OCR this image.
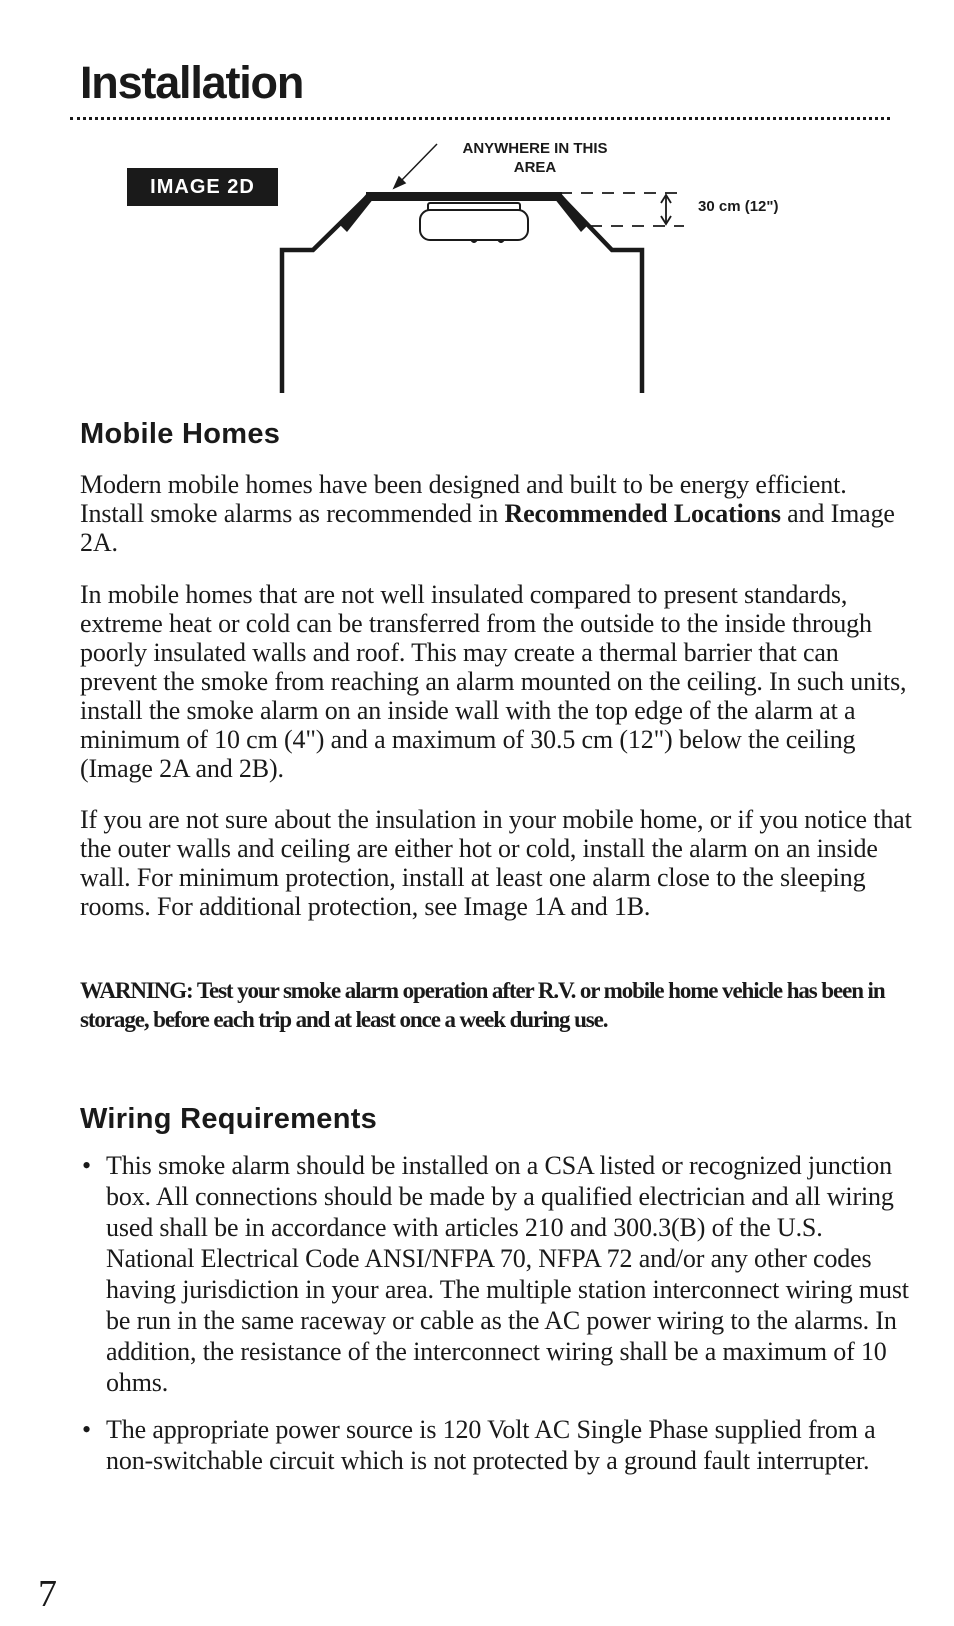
Installation
IMAGE 2D
ANYWHERE IN THIS
AREA
30 cm (12")
Mobile Homes

Modern mobile homes have been designed and built to be energy efficient. Install smoke alarms as recommended in Recommended Locations and Image 2A.

In mobile homes that are not well insulated compared to present standards, extreme heat or cold can be transferred from the outside to the inside through poorly insulated walls and roof. This may create a thermal barrier that can prevent the smoke from reaching an alarm mounted on the ceiling. In such units, install the smoke alarm on an inside wall with the top edge of the alarm at a minimum of 10 cm (4") and a maximum of 30.5 cm (12") below the ceiling (Image 2A and 2B).

If you are not sure about the insulation in your mobile home, or if you notice that the outer walls and ceiling are either hot or cold, install the alarm on an inside wall. For minimum protection, install at least one alarm close to the sleeping rooms. For additional protection, see Image 1A and 1B.

WARNING: Test your smoke alarm operation after R.V. or mobile home vehicle has been in storage, before each trip and at least once a week during use.

Wiring Requirements
• This smoke alarm should be installed on a CSA listed or recognized junction box. All connections should be made by a qualified electrician and all wiring used shall be in accordance with articles 210 and 300.3(B) of the U.S. National Electrical Code ANSI/NFPA 70, NFPA 72 and/or any other codes having jurisdiction in your area. The multiple station interconnect wiring must be run in the same raceway or cable as the AC power wiring to the alarms. In addition, the resistance of the interconnect wiring shall be a maximum of 10 ohms.
• The appropriate power source is 120 Volt AC Single Phase supplied from a non-switchable circuit which is not protected by a ground fault interrupter.
7
